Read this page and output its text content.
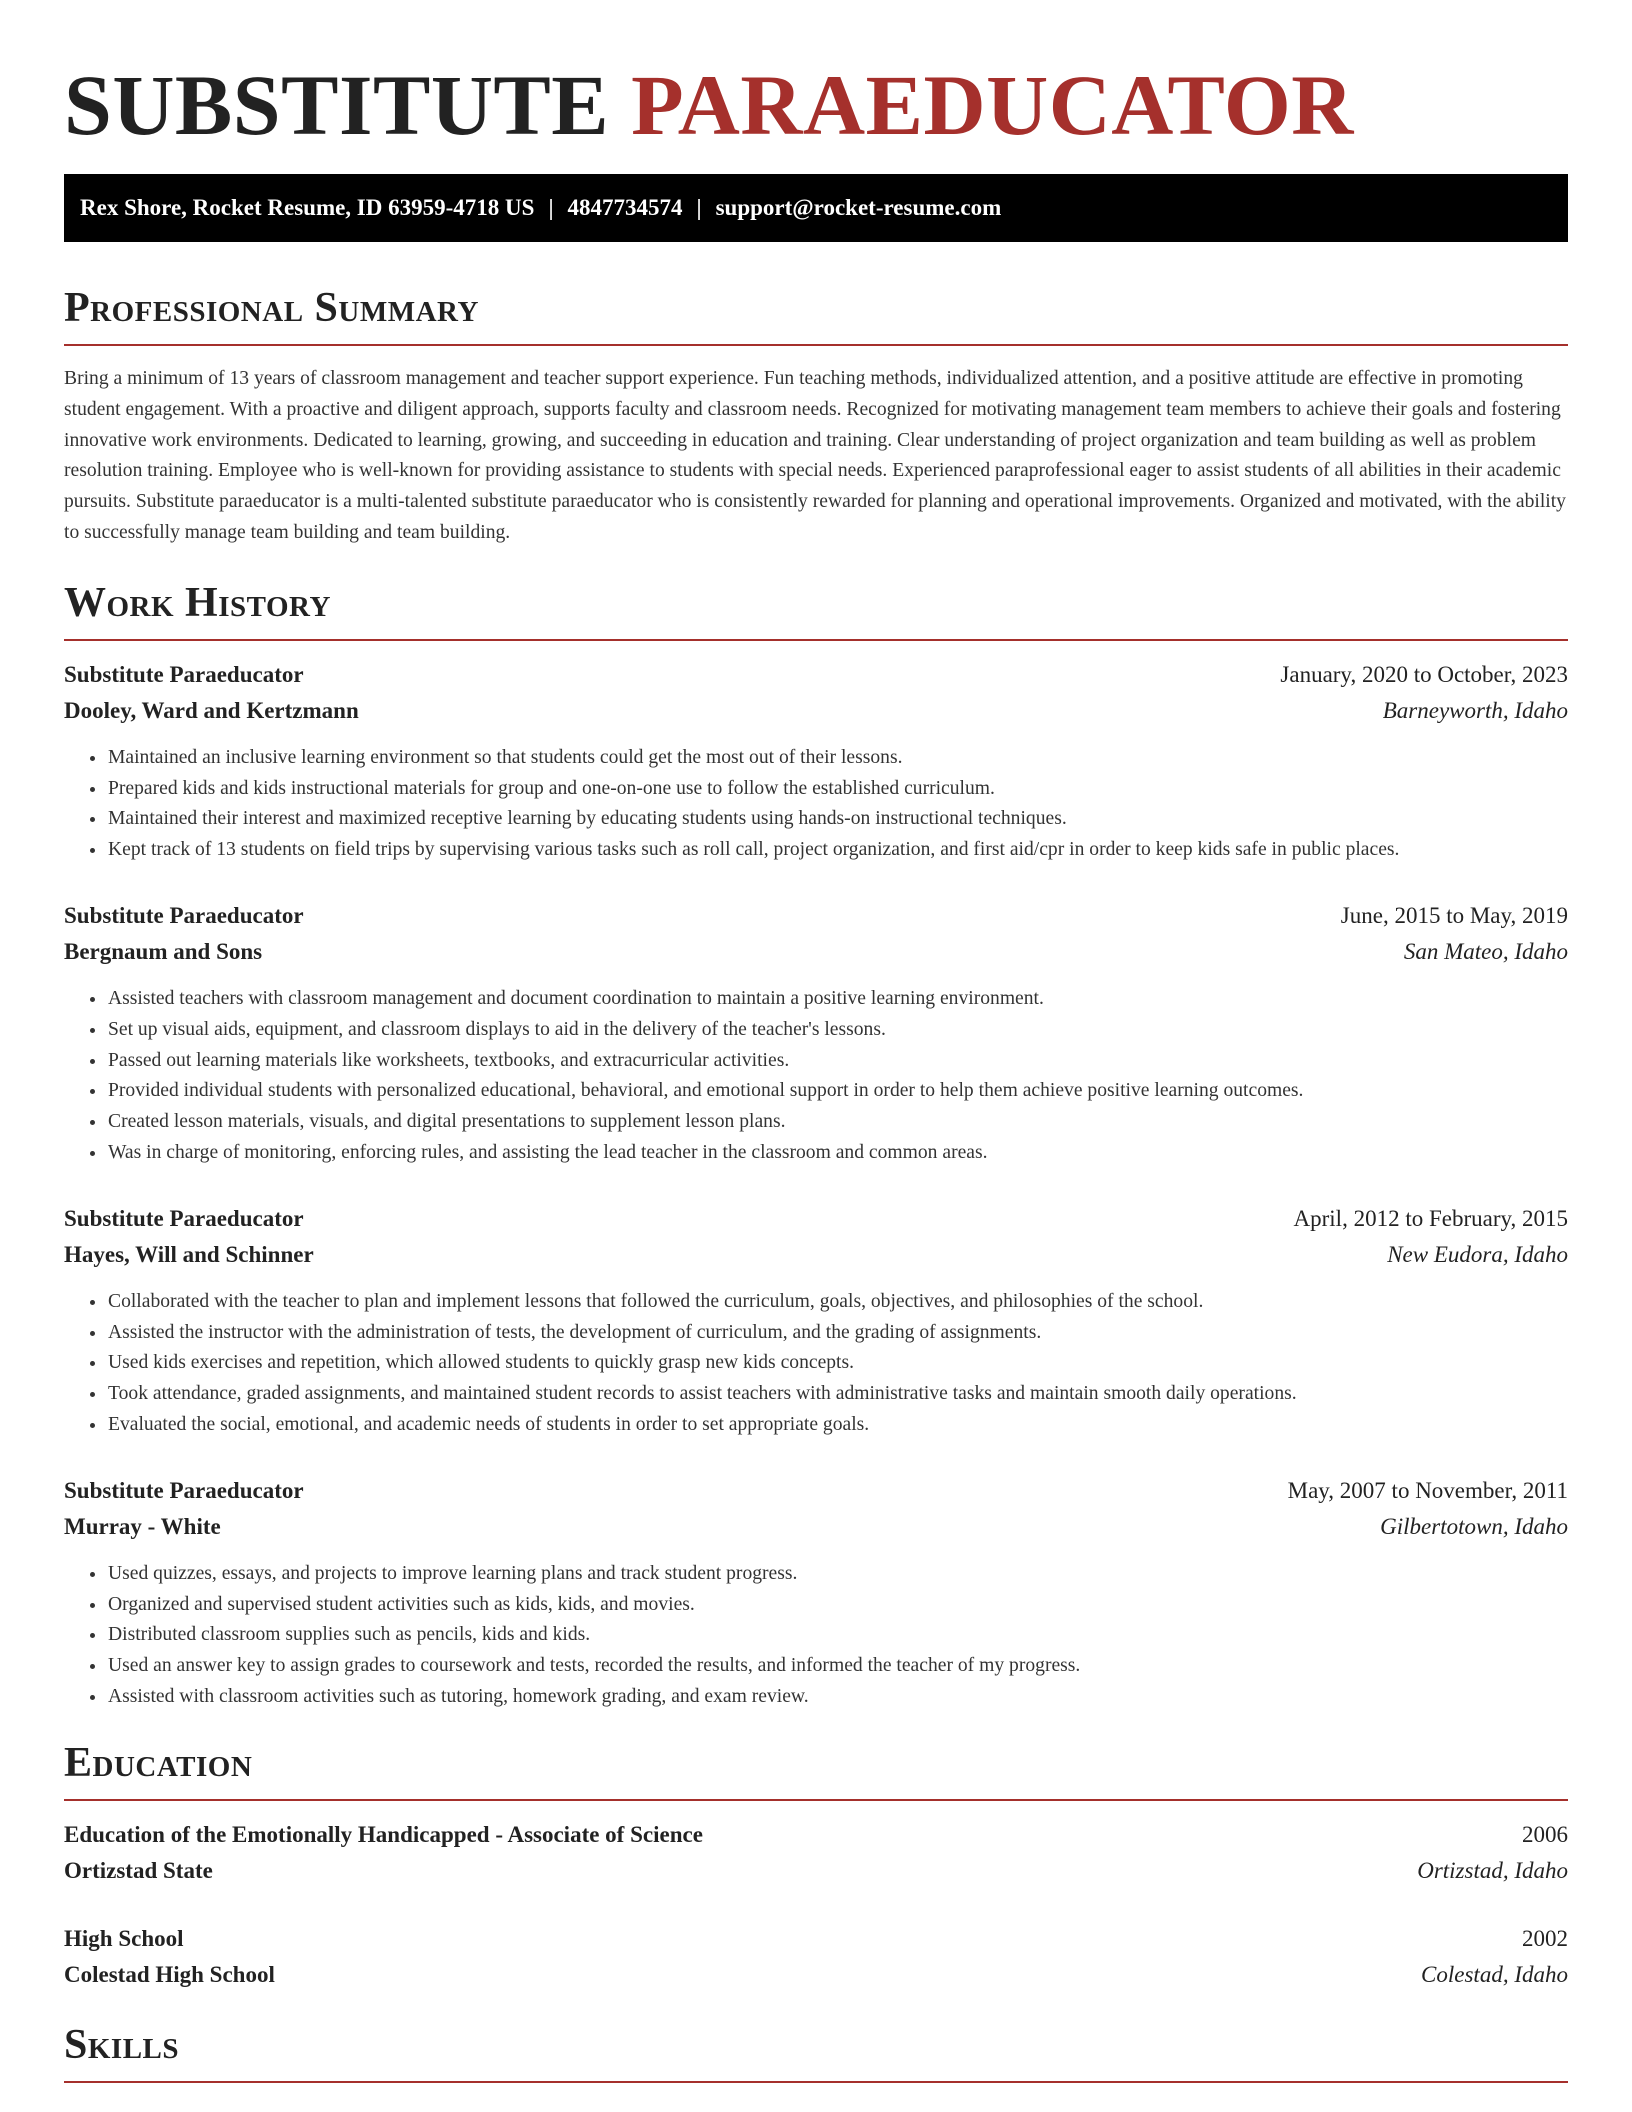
SUBSTITUTE PARAEDUCATOR
Rex Shore, Rocket Resume, ID 63959-4718 US | 4847734574 | support@rocket-resume.com
Professional Summary

Bring a minimum of 13 years of classroom management and teacher support experience. Fun teaching methods, individualized attention, and a positive attitude are effective in promoting student engagement. With a proactive and diligent approach, supports faculty and classroom needs. Recognized for motivating management team members to achieve their goals and fostering innovative work environments. Dedicated to learning, growing, and succeeding in education and training. Clear understanding of project organization and team building as well as problem resolution training. Employee who is well-known for providing assistance to students with special needs. Experienced paraprofessional eager to assist students of all abilities in their academic pursuits. Substitute paraeducator is a multi-talented substitute paraeducator who is consistently rewarded for planning and operational improvements. Organized and motivated, with the ability to successfully manage team building and team building.

Work History
Substitute Paraeducator	January, 2020 to October, 2023
Dooley, Ward and Kertzmann	Barneyworth, Idaho
• Maintained an inclusive learning environment so that students could get the most out of their lessons.
• Prepared kids and kids instructional materials for group and one-on-one use to follow the established curriculum.
• Maintained their interest and maximized receptive learning by educating students using hands-on instructional techniques.
• Kept track of 13 students on field trips by supervising various tasks such as roll call, project organization, and first aid/cpr in order to keep kids safe in public places.
Substitute Paraeducator	June, 2015 to May, 2019
Bergnaum and Sons	San Mateo, Idaho
• Assisted teachers with classroom management and document coordination to maintain a positive learning environment.
• Set up visual aids, equipment, and classroom displays to aid in the delivery of the teacher's lessons.
• Passed out learning materials like worksheets, textbooks, and extracurricular activities.
• Provided individual students with personalized educational, behavioral, and emotional support in order to help them achieve positive learning outcomes.
• Created lesson materials, visuals, and digital presentations to supplement lesson plans.
• Was in charge of monitoring, enforcing rules, and assisting the lead teacher in the classroom and common areas.
Substitute Paraeducator	April, 2012 to February, 2015
Hayes, Will and Schinner	New Eudora, Idaho
• Collaborated with the teacher to plan and implement lessons that followed the curriculum, goals, objectives, and philosophies of the school.
• Assisted the instructor with the administration of tests, the development of curriculum, and the grading of assignments.
• Used kids exercises and repetition, which allowed students to quickly grasp new kids concepts.
• Took attendance, graded assignments, and maintained student records to assist teachers with administrative tasks and maintain smooth daily operations.
• Evaluated the social, emotional, and academic needs of students in order to set appropriate goals.
Substitute Paraeducator	May, 2007 to November, 2011
Murray - White	Gilbertotown, Idaho
• Used quizzes, essays, and projects to improve learning plans and track student progress.
• Organized and supervised student activities such as kids, kids, and movies.
• Distributed classroom supplies such as pencils, kids and kids.
• Used an answer key to assign grades to coursework and tests, recorded the results, and informed the teacher of my progress.
• Assisted with classroom activities such as tutoring, homework grading, and exam review.
Education
Education of the Emotionally Handicapped - Associate of Science	2006
Ortizstad State	Ortizstad, Idaho
High School	2002
Colestad High School	Colestad, Idaho
Skills
